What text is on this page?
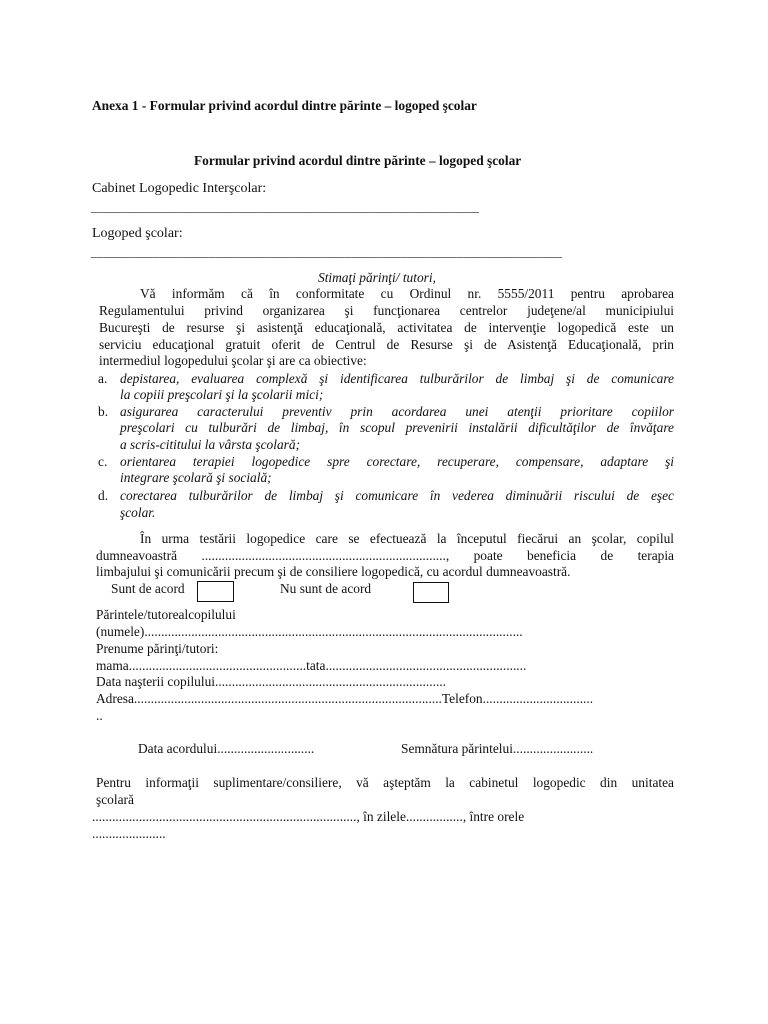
Anexa 1 - Formular privind acordul dintre părinte – logoped şcolar
Formular privind acordul dintre părinte – logoped şcolar
Cabinet Logopedic Interşcolar:
_______________________________________________________________
Logoped şcolar:
____________________________________________________________________________
Stimaţi părinţi/ tutori,
Vă informăm că în conformitate cu Ordinul nr. 5555/2011 pentru aprobarea
Regulamentului privind organizarea şi funcţionarea centrelor judeţene/al municipiului
Bucureşti de resurse şi asistenţă educaţională, activitatea de intervenţie logopedică este un
serviciu educaţional gratuit oferit de Centrul de Resurse şi de Asistenţă Educaţională, prin
intermediul logopedului şcolar şi are ca obiective:
a. depistarea, evaluarea complexă şi identificarea tulburărilor de limbaj şi de comunicare
la copiii preşcolari şi la şcolarii mici;
b. asigurarea caracterului preventiv prin acordarea unei atenţii prioritare copiilor
preşcolari cu tulburări de limbaj, în scopul prevenirii instalării dificultăţilor de învăţare
a scris-cititului la vârsta şcolară;
c. orientarea terapiei logopedice spre corectare, recuperare, compensare, adaptare şi
integrare şcolară şi socială;
d. corectarea tulburărilor de limbaj şi comunicare în vederea diminuării riscului de eşec
şcolar.
În urma testării logopedice care se efectuează la începutul fiecărui an şcolar, copilul
dumneavoastră ........................................................................., poate beneficia de terapia
limbajului şi comunicării precum şi de consiliere logopedică, cu acordul dumneavoastră.
Sunt de acord	Nu sunt de acord
Părintele/tutorealcopilului
(numele).................................................................................................................
Prenume părinţi/tutori:
mama.....................................................tata............................................................
Data naşterii copilului.....................................................................
Adresa............................................................................................Telefon.................................
..
Data acordului.............................	Semnătura părintelui........................
Pentru informaţii suplimentare/consiliere, vă aşteptăm la cabinetul logopedic din unitatea
şcolară
..............................................................................., în zilele................., între orele
......................
